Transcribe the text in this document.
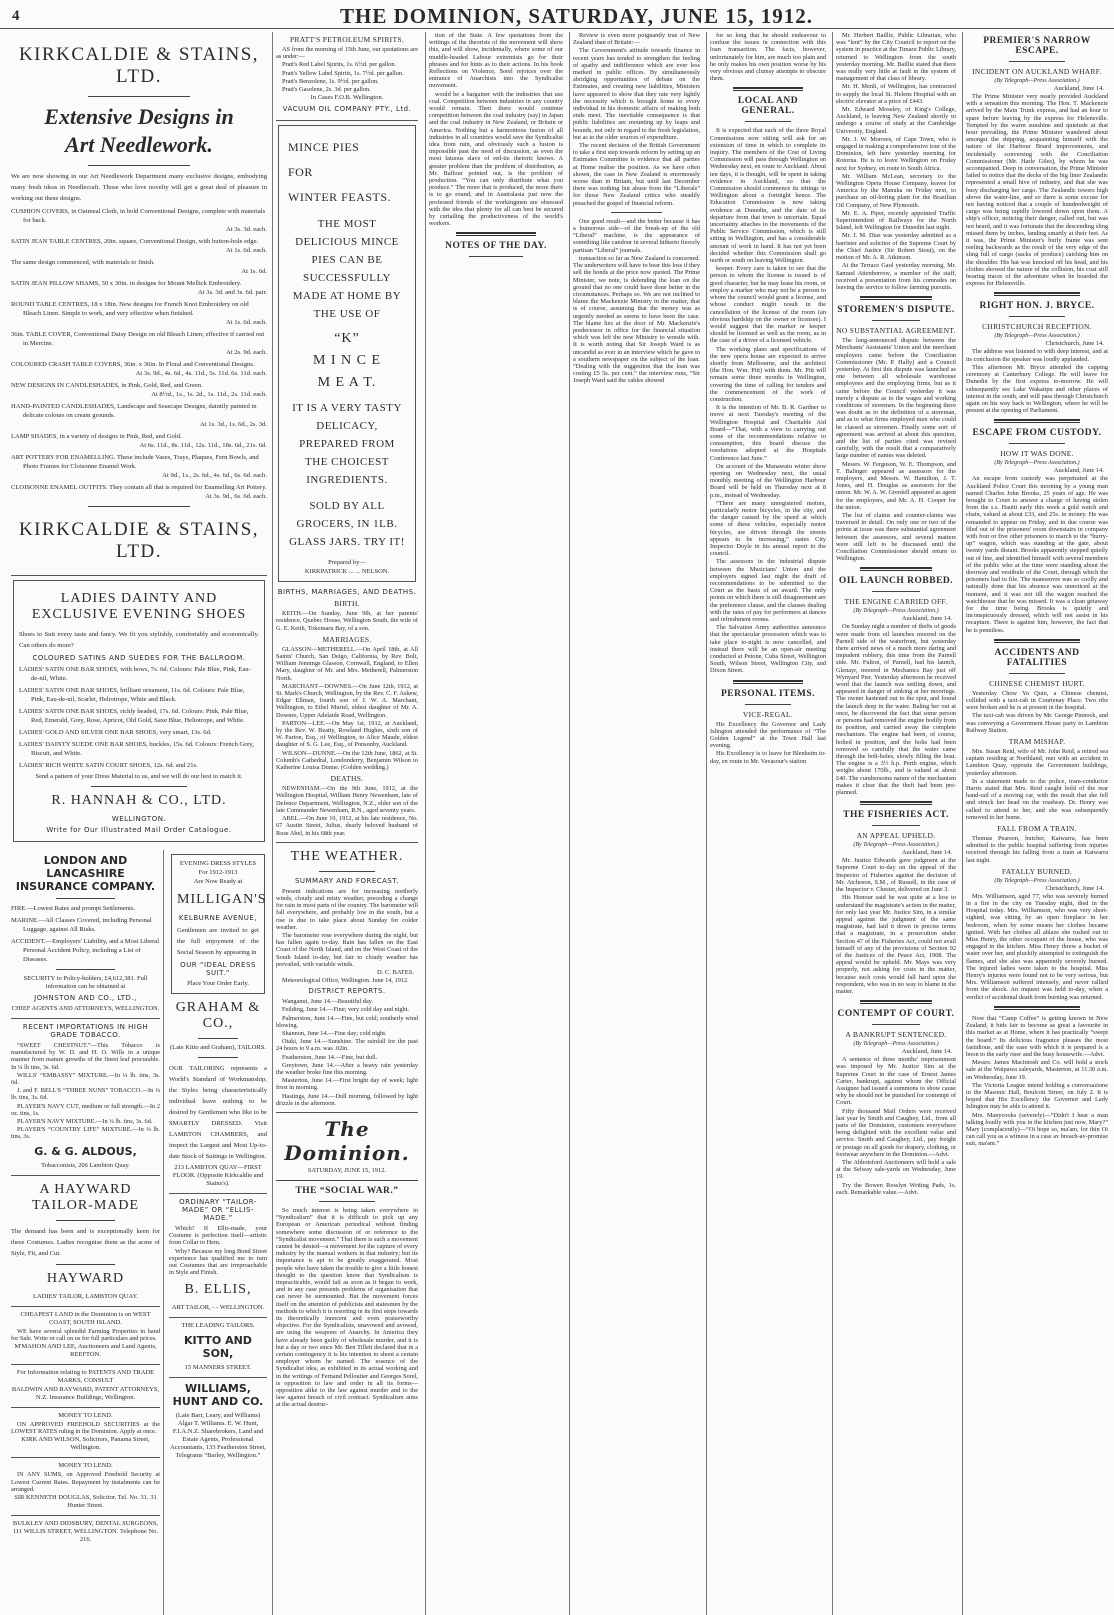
4	THE DOMINION, SATURDAY, JUNE 15, 1912.
KIRKCALDIE & STAINS, LTD.
Extensive Designs in Art Needlework.
We are now showing in our Art Needlework Department many exclusive designs, embodying many fresh ideas in Needlecraft. Those who love novelty will get a great deal of pleasure in working out these designs.
CUSHION COVERS, in Oatmeal Cloth, in bold Conventional Designs, complete with materials for back.
At 3s. 3d. each.
SATIN JEAN TABLE CENTRES, 20in. square, Conventional Design, with button-hole edge.
At 1s. 6d. each.
The same design commenced, with materials to finish.
At 1s. 6d.
SATIN JEAN PILLOW SHAMS, 30 x 30in. in designs for Mount Mellick Embroidery.
At 3s. 3d. and 3s. 6d. pair.
ROUND TABLE CENTRES, 18 x 18in. New designs for French Knot Embroidery on old Bleach Linen. Simple to work, and very effective when finished.
At 1s. 6d. each.
36in. TABLE COVER, Conventional Daisy Design on old Bleach Linen; effective if carried out in Mercine.
At 2s. 9d. each.
COLOURED CRASH TABLE COVERS, 36in. x 36in. In Floral and Conventional Designs.
At 3s. 9d., 4s. 6d., 4s. 11d., 5s. 11d. 6s. 11d. each.
NEW DESIGNS IN CANDLESHADES, in Pink, Gold, Red, and Green.
At 8½d., 1s., 1s. 2d., 1s. 11d., 2s. 11d. each.
HAND-PAINTED CANDLESHADES, Landscape and Seascape Designs, daintily painted in delicate colours on cream grounds.
At 1s. 3d., 1s. 6d., 2s. 3d.
LAMP SHADES, in a variety of designs in Pink, Red, and Gold.
At 6s. 11d., 8s. 11d., 12s. 11d., 18s. 6d., 21s. 6d.
ART POTTERY FOR ENAMELLING. These include Vases, Trays, Plaques, Fern Bowls, and Photo Frames for Cloisonne Enamel Work.
At 9d., 1s., 2s. 6d., 4s. 6d., 6s. 6d. each.
CLOISONNE ENAMEL OUTFITS. They contain all that is required for Enamelling Art Pottery.
At 3s. 9d., 6s. 6d. each.
KIRKCALDIE & STAINS, LTD.
LADIES DAINTY AND EXCLUSIVE EVENING SHOES
Shoes to Suit every taste and fancy. We fit you stylishly, comfortably and economically. Can others do more?
COLOURED SATINS AND SUEDES FOR THE BALLROOM.
LADIES' SATIN ONE BAR SHOES, with bows, 7s. 6d. Colours: Pale Blue, Pink, Eau-de-nil, White.
LADIES' SATIN ONE BAR SHOES, brilliant ornament, 11s. 6d. Colours: Pale Blue, Pink, Eau-de-nil, Scarlet, Heliotrope, White and Black.
LADIES' SATIN ONE BAR SHOES, richly beaded, 17s. 6d. Colours: Pink, Pale Blue, Red, Emerald, Grey, Rose, Apricot, Old Gold, Saxe Blue, Heliotrope, and White.
LADIES' GOLD AND SILVER ONE BAR SHOES, very smart, 13s. 6d.
LADIES' DAINTY SUEDE ONE BAR SHOES, buckles, 15s. 6d. Colours: French Grey, Biscuit, and White.
LADIES' RICH WHITE SATIN COURT SHOES, 12s. 6d. and 21s.
Send a pattern of your Dress Material to us, and we will do our best to match it.
R. HANNAH & CO., LTD.
WELLINGTON.
Write for Our Illustrated Mail Order Catalogue.
LONDON AND LANCASHIRE INSURANCE COMPANY.
FIRE.—Lowest Rates and prompt Settlements.
MARINE.—All Classes Covered, including Personal Luggage, against All Risks.
ACCIDENT.—Employers' Liability, and a Most Liberal Personal Accident Policy, including a List of Diseases.
SECURITY to Policy-holders, £4,612,381. Full information can be obtained at
JOHNSTON AND CO., LTD.,
CHIEF AGENTS AND ATTORNEYS, WELLINGTON.
RECENT IMPORTATIONS IN HIGH GRADE TOBACCO.
“SWEET CHESTNUT.”—This Tobacco is manufactured by W. D. and H. O. Wills in a unique manner from mature growths of the finest leaf procurable. In ¼ lb tins, 3s. 6d.
WILLS' “EMBASSY” MIXTURE.—In ¼ lb. tins, 3s. 6d.
J. and F. BELL'S “THREE NUNS” TOBACCO.—In ¼ lb. tins, 3s. 6d.
PLAYER'S NAVY CUT, medium or full strength.—In 2 oz. tins, 1s.
PLAYER'S NAVY MIXTURE.—In ¼ lb. tins, 3s. 6d.
PLAYER'S “COUNTRY LIFE” MIXTURE.—In ¼ lb. tins, 3s.
G. & G. ALDOUS,
Tobacconists, 206 Lambton Quay.
A HAYWARD TAILOR-MADE
The demand has been and is exceptionally keen for these Costumes. Ladies recognise them as the acme of Style, Fit, and Cut.
HAYWARD
LADIES' TAILOR, LAMBTON QUAY.
CHEAPEST LAND in the Dominion is on WEST COAST, SOUTH ISLAND.
WE have several splendid Farming Properties in hand for Sale. Write or call on us for full particulars and prices.
M'MAHON AND LEE, Auctioneers and Land Agents, REEFTON.
For Information relating to PATENTS AND TRADE MARKS, CONSULT
BALDWIN AND RAYWARD, PATENT ATTORNEYS, N.Z. Insurance Buildings, Wellington.
MONEY TO LEND.
ON APPROVED FREEHOLD SECURITIES at the LOWEST RATES ruling in the Dominion. Apply at once.
KIRK AND WILSON, Solicitors, Panama Street, Wellington.
MONEY TO LEND.
IN ANY SUMS, on Approved Freehold Security at Lowest Current Rates. Repayment by instalments can be arranged.
SIR KENNETH DOUGLAS, Solicitor. Tel. No. 31. 31 Hunter Street.
BULKLEY AND DIDSBURY, DENTAL SURGEONS, 111 WILLIS STREET, WELLINGTON. Telephone No. 216.
EVENING DRESS STYLES
For 1912-1913
Are Now Ready at
MILLIGAN'S
KELBURNE AVENUE,
Gentlemen are invited to get the full enjoyment of the Social Season by appearing in
OUR “IDEAL DRESS SUIT.”
Place Your Order Early.
GRAHAM & CO.,
(Late Kitto and Graham), TAILORS.
OUR TAILORING represents a World's Standard of Workmanship, the Styles being characteristically individual leave nothing to be desired by Gentlemen who like to be SMARTLY DRESSED. Visit LAMBTON CHAMBERS, and inspect the Largest and Most Up-to-date Stock of Suitings in Wellington.
213 LAMBTON QUAY—FIRST FLOOR. (Opposite Kirkcaldie and Stains's).
ORDINARY “TAILOR-MADE” OR “ELLIS-MADE.”
Which? If Ellis-made, your Costume is perfection itself—artistic from Collar to Hem.
Why? Because my long Bond Street experience has qualified me to turn out Costumes that are irreproachable in Style and Finish.
B. ELLIS,
ART TAILOR, - - WELLINGTON.
THE LEADING TAILORS.
KITTO AND SON,
15 MANNERS STREET.
WILLIAMS, HUNT AND CO.
(Late Barr, Leary, and Williams) Algar T. Williams. E. W. Hunt, F.I.A.N.Z. Sharebrokers, Land and Estate Agents, Professional Accountants, 133 Featherston Street, Telegrams “Barley, Wellington.”
PRATT'S PETROLEUM SPIRITS.
AS from the morning of 15th June, our quotations are as under:—
Pratt's Red Label Spirits, 1s. 6½d. per gallon.
Pratt's Yellow Label Spirits, 1s. 7½d. per gallon.
Pratt's Benzolene, 1s. 9½d. per gallon.
Pratt's Gasolene, 2s. 3d. per gallon.
In Cases F.O.B. Wellington.
VACUUM OIL COMPANY PTY., Ltd.
MINCE PIES
FOR
WINTER FEASTS.
THE MOST DELICIOUS MINCE PIES CAN BE SUCCESSFULLY MADE AT HOME BY THE USE OF
“K”
M I N C E
M E A T.
IT IS A VERY TASTY DELICACY, PREPARED FROM THE CHOICEST INGREDIENTS.
SOLD BY ALL GROCERS, IN 1LB. GLASS JARS. TRY IT!
Prepared by—
KIRKPATRICK ... ... NELSON.
BIRTHS, MARRIAGES, AND DEATHS.
BIRTH.
KEITH.—On Sunday, June 9th, at her parents' residence, Quebec House, Wellington South, the wife of G. E. Keith, Tokomaru Bay, of a son.
MARRIAGES.
GLASSON—METHERELL.—On April 18th, at All Saints' Church, San Deigo, California, by Rev. Bolt, William Jennings Glasson, Cornwall, England, to Ellen Mary, daughter of Mr. and Mrs. Metherell, Palmerston North.
MARCHANT—DOWNES.—On June 12th, 1912, at St. Mark's Church, Wellington, by the Rev. C. F. Askew, Edgar Ellman, fourth son of J. W. A. Marchant, Wellington, to Ethel Muriel, eldest daughter of Mr. A. Downes, Upper Adelaide Road, Wellington.
PARTON—LEE.—On May 1st, 1912, at Auckland, by the Rev. W. Beatty, Rowland Hughes, sixth son of W. Parton, Esq., of Wellington, to Alice Maude, eldest daughter of S. G. Lee, Esq., of Ponsonby, Auckland.
WILSON—DUNNE.—On the 12th June, 1862, at St. Columb's Cathedral, Londonderry, Benjamin Wilson to Katherine Louisa Dunne. (Golden wedding.)
DEATHS.
NEWENHAM.—On the 9th June, 1912, at the Wellington Hospital, William Henry Newenham, late of Defence Department, Wellington, N.Z., elder son of the late Commander Newenham, R.N., aged seventy years.
ABEL.—On June 10, 1912, at his late residence, No. 67 Austin Street, Julius, dearly beloved husband of Rose Abel, in his 68th year.
THE WEATHER.
SUMMARY AND FORECAST.
Present indications are for increasing northerly winds, cloudy and misty weather, preceding a change for rain in most parts of the country. The barometer will fall everywhere, and probably low in the south, but a rise is due to take place about Sunday for colder weather.
The barometer rose everywhere during the night, but has fallen again to-day. Rain has fallen on the East Coast of the North Island, and on the West Coast of the South Island to-day, but fair to cloudy weather has prevailed, with variable winds.
D. C. BATES.
Meteorological Office, Wellington. June 14, 1912.
DISTRICT REPORTS.
Wanganui, June 14.—Beautiful day.
Feilding, June 14.—Fine; very cold day and night.
Palmerston, June 14.—Fine, but cold; southerly wind blowing.
Shannon, June 14.—Fine day; cold night.
Otaki, June 14.—Sunshine. The rainfall for the past 24 hours to 9 a.m. was .02in.
Featherston, June 14.—Fine, but dull.
Greytown, June 14.—After a heavy rain yesterday the weather broke fine this morning.
Masterton, June 14.—First bright day of week; light frost in morning.
Hastings, June 14.—Dull morning, followed by light drizzle in the afternoon.
The Dominion.
SATURDAY, JUNE 15, 1912.
THE “SOCIAL WAR.”
So much interest is being taken everywhere in “Syndicalism” that it is difficult to pick up any European or American periodical without finding somewhere some discussion of or reference to the “Syndicalist movement.” That there is such a movement cannot be denied—a movement for the capture of every industry by the manual workers in that industry; but its importance is apt to be greatly exaggerated. Most people who have taken the trouble to give a little honest thought to the question know that Syndicalism is impracticable, would fail as soon as it began to work, and in any case presents problems of organisation that can never be surmounted. But the movement forces itself on the attention of publicists and statesmen by the methods to which it is resorting in its first steps towards its theoretically innocent and even praiseworthy objective. For the Syndicalists, unavowed and avowed, are using the weapons of Anarchy. In America they have already been guilty of wholesale murder, and it is but a day or two since Mr. Ben Tillett declared that in a certain contingency it is his intention to shoot a certain employer whom he named. The essence of the Syndicalist idea, as exhibited in its actual working and in the writings of Fernand Pelloutier and Georges Sorel, is opposition to law and order in all its forms—opposition alike to the law against murder and to the law against breach of civil contract. Syndicalism aims at the actual destruc-
tion of the State. A few quotations from the writings of the theorists of the movement will show this, and will show, incidentally, where some of our muddle-headed Labour extremists go for their phrases and for hints as to their actions. In his book Reflections on Violence, Sorel rejoices over the entrance of Anarchists into the Syndicalist movement.
would be a bargainer with the industries that use coal. Competition between industries in any country would remain. Then there would continue competition between the coal industry (say) in Japan and the coal industry in New Zealand, or Britain or America. Nothing but a harmonious fusion of all industries in all countries would save the Syndicalist idea from ruin, and obviously such a fusion is impossible past the need of discussion, as even the most fatuous slave of red-tie rhetoric knows. A greater problem than the problem of distribution, as Mr. Balfour pointed out, is the problem of production. “You can only distribute what you produce.” The more that is produced, the more there is to go round, and in Australasia just now the professed friends of the workingmen are obsessed with the idea that plenty for all can best be secured by curtailing the productiveness of the world's workers.
NOTES OF THE DAY.
Review is even more poignantly true of New Zealand than of Britain:—
The Government's attitude towards finance in recent years has tended to strengthen the feeling of apathy and indifference which are ever less marked in public offices. By simultaneously abridging opportunities of debate on the Estimates, and creating new liabilities, Ministers have appeared to show that they rate very lightly the necessity which is brought home to every individual in his domestic affairs of making both ends meet. The inevitable consequence is that public liabilities are mounting up by leaps and bounds, not only in regard to the fresh legislation, but as to the older sources of expenditure.
The recent decision of the British Government to take a first step towards reform by setting up an Estimates Committee is evidence that all parties at Home realise the position. As we have often shown, the case in New Zealand is enormously worse than in Britain, but until last December there was nothing but abuse from the “Liberals” for those New Zealand critics who steadily preached the gospel of financial reform.
One good result—and the better because it has a humorous side—of the break-up of the old “Liberal” machine, is the appearance of something like candour in several hitherto fiercely partisan “Liberal” journals.
transaction so far as New Zealand is concerned. The underwriters will have to bear this loss if they sell the bonds at the price now quoted. The Prime Minister, we note, is defending the loan on the ground that no one could have done better in the circumstances. Perhaps so. We are not inclined to blame the Mackenzie Ministry in the matter, that is of course, assuming that the money was as urgently needed as seems to have been the case. The blame lies at the door of Mr. Mackenzie's predecessor in office for the financial situation which was left the new Ministry to wrestle with. It is worth noting that Sir Joseph Ward is as uncandid as ever in an interview which he gave to a southern newspaper on the subject of the loan. “Dealing with the suggestion that the loan was costing £5 5s. per cent.” the interview runs, “Sir Joseph Ward said the cables showed
for so long that he should endeavour to confuse the issues in connection with this loan transaction. The facts, however, unfortunately for him, are much too plain and he only makes his own position worse by his very obvious and clumsy attempts to obscure them.
LOCAL AND GENERAL.
It is expected that each of the three Royal Commissions now sitting will ask for an extension of time in which to complete its inquiry. The members of the Cost of Living Commission will pass through Wellington on Wednesday next, en route to Auckland. About ten days, it is thought, will be spent in taking evidence in Auckland, so that the Commission should commence its sittings in Wellington about a fortnight hence. The Education Commission is now taking evidence at Dunedin, and the date of its departure from that town is uncertain. Equal uncertainty attaches to the movements of the Public Service Commission, which is still sitting in Wellington, and has a considerable amount of work in hand. It has not yet been decided whether this Commission shall go north or south on leaving Wellington.
keeper. Every care is taken to see that the person to whom the license is issued is of good character, but he may lease his room, or employ a marker who may not be a person to whom the council would grant a license, and whose conduct might result in the cancellation of the license of the room (an obvious hardship on the owner or licensee). I would suggest that the marker or keeper should be licensed as well as the room, as in the case of a driver of a licensed vehicle.
The working plans and specifications of the new opera house are expected to arrive shortly from Melbourne, and the architect (the Hon. Wm. Pitt) with them. Mr. Pitt will remain some three months in Wellington, covering the time of calling for tenders and the commencement of the work of construction.
It is the intention of Mr. B. R. Gardner to move at next Tuesday's meeting of the Wellington Hospital and Charitable Aid Board—“That, with a view to carrying out some of the recommendations relative to consumption, this board discuss the resolutions adopted at the Hospitals Conference last June.”
On account of the Manawatu winter show opening on Wednesday next, the usual monthly meeting of the Wellington Harbour Board will be held on Thursday next at 8 p.m., instead of Wednesday.
“There are many unregistered motors, particularly motor bicycles, in the city, and the danger caused by the speed at which some of these vehicles, especially motor bicycles, are driven through the streets appears to be increasing,” states City Inspector Doyle in his annual report to the council.
The assessors in the industrial dispute between the Musicians' Union and the employers signed last night the draft of recommendations to be submitted to the Court as the basis of an award. The only points on which there is still disagreement are the preference clause, and the clauses dealing with the rates of pay for performers at dances and refreshment rooms.
The Salvation Army authorities announce that the spectacular procession which was to take place to-night is now cancelled, and instead there will be an open-air meeting conducted at Petone, Cuba Street, Wellington South, Wilson Street, Wellington City, and Dixon Street.
PERSONAL ITEMS.
VICE-REGAL.
His Excellency the Governor and Lady Islington attended the performance of “The Golden Legend” at the Town Hall last evening.
His Excellency is to leave for Blenheim to-day, en route to Mr. Vavasour's station
Mr. Herbert Baillie, Public Librarian, who was “lent” by the City Council to report on the system in practice at the Timaru Public Library, returned to Wellington from the south yesterday morning. Mr. Baillie stated that there was really very little at fault in the system of management of that class of library.
Mr. H. Menli, of Wellington, has contracted to supply the local St. Helens Hospital with an electric elevator at a price of £443.
Mr. Edward Moseley, of King's College, Auckland, is leaving New Zealand shortly to undergo a course of study at the Cambridge University, England.
Mr. J. W. Morrees, of Cape Town, who is engaged in making a comprehensive tour of the Dominion, left here yesterday morning for Rotorua. He is to leave Wellington on Friday next for Sydney, en route to South Africa.
Mr. William McLean, secretary to the Wellington Opera House Company, leaves for America by the Manuka on Friday next, to purchase an oil-boring plant for the Brazilian Oil Company, of New Plymouth.
Mr. E. A. Piper, recently appointed Traffic Superintendent of Railways for the North Island, left Wellington for Dunedin last night.
Mr. J. M. Dias was yesterday admitted as a barrister and solicitor of the Supreme Court by the Chief Justice (Sir Robert Stout), on the motion of Mr. A. R. Atkinson.
At the Terrace Gaol yesterday morning, Mr. Samuel Attenborrow, a member of the staff, received a presentation from his comrades on leaving the service to follow farming pursuits.
STOREMEN'S DISPUTE.
NO SUBSTANTIAL AGREEMENT.
The long-announced dispute between the Merchants' Assistants' Union and the merchant employers came before the Conciliation Commissioner (Mr. P. Hally) and a Council yesterday. At first this dispute was launched as one between all wholesale warehouse employees and the employing firms, but as it came before the Council yesterday it was merely a dispute as to the wages and working conditions of storemen. In the beginning there was doubt as to the definition of a storeman, and as to what firms employed men who could be classed as storemen. Finally some sort of agreement was arrived at about this question, and the list of parties cited was revised carefully, with the result that a comparatively large number of names was deleted.
Messrs. W. Ferguson, W. E. Thompson, and T. Balinger appeared as assessors for the employers, and Messrs. W. Hamilton, J. T. Jones, and H. Douglas as assessors for the union. Mr. W. A. W. Grenfell appeared as agent for the employers, and Mr. A. H. Cooper for the union.
The list of claims and counter-claims was traversed in detail. On only one or two of the points at issue was there substantial agreement between the assessors, and several matters were still left to be discussed until the Conciliation Commissioner should return to Wellington.
OIL LAUNCH ROBBED.
THE ENGINE CARRIED OFF.
(By Telegraph—Press Association.)
Auckland, June 14.
On Sunday night a number of thefts of goods were made from oil launches moored on the Parnell side of the waterfront, but yesterday there arrived news of a much more daring and impudent robbery, this time from the Parnell side. Mr. Fulton, of Parnell, had his launch, Glenayr, moored in Mechanics Bay just off Wynyard Pier. Yesterday afternoon he received word that the launch was settling down, and appeared in danger of sinking at her moorings. The owner hastened out to the spot, and found the launch deep in the water. Baling her out at once, he discovered the fact that some person or persons had removed the engine bodily from its position, and carried away the complete mechanism. The engine had been, of course, bolted in position, and the bolts had been removed so carefully that the water came through the bolt-holes, slowly filling the boat. The engine is a 3½ h.p. Perth engine, which weighs about 170lb., and is valued at about £40. The cumbersome nature of the mechanism makes it clear that the theft had been pre-planned.
THE FISHERIES ACT.
AN APPEAL UPHELD.
(By Telegraph—Press Association.)
Auckland, June 14.
Mr. Justice Edwards gave judgment at the Supreme Court to-day on the appeal of the Inspector of Fisheries against the decision of Mr. Atcheson, S.M., of Russell, in the case of the Inspector v. Chester, delivered on June 3.
His Honour said he was quite at a loss to understand the magistrate's action in the matter, for only last year Mr. Justice Sim, in a similar appeal against the judgment of the same magistrate, had laid it down in precise terms that a magistrate, in a prosecution under Section 47 of the Fisheries Act, could not avail himself of any of the provisions of Section 92 of the Justices of the Peace Act, 1908. The appeal would be upheld. Mr. Mays was very properly, not asking for costs in the matter, because such costs would fall hard upon the respondent, who was in no way to blame in the matter.
CONTEMPT OF COURT.
A BANKRUPT SENTENCED.
(By Telegraph—Press Association.)
Auckland, June 14.
A sentence of three months' imprisonment was imposed by Mr. Justice Sim at the Supreme Court in the case of Ernest James Carter, bankrupt, against whom the Official Assignee had issued a summons to show cause why he should not be punished for contempt of Court.
Fifty thousand Mail Orders were received last year by Smith and Caughey, Ltd., from all parts of the Dominion, customers everywhere being delighted with the excellent value and service. Smith and Caughey, Ltd., pay freight or postage on all goods for drapery, clothing, or footwear anywhere in the Dominion.—Advt.
The Abbotsford Auctioneers will hold a sale at the Selway sale-yards on Wednesday, June 19.
Try the Bowen Rosslyn Writing Pads, 1s. each. Remarkable value.—Advt.
PREMIER'S NARROW ESCAPE.
INCIDENT ON AUCKLAND WHARF.
(By Telegraph—Press Association.)
Auckland, June 14.
The Prime Minister very nearly provided Auckland with a sensation this morning. The Hon. T. Mackenzie arrived by the Main Trunk express, and had an hour to spare before leaving by the express for Helensville. Tempted by the warm sunshine and quietude at that hour prevailing, the Prime Minister wandered about amongst the shipping, acquainting himself with the nature of the Harbour Board improvements, and incidentally conversing with the Conciliation Commissioner (Mr. Harle Giles), by whom he was accompanied. Deep in conversation, the Prime Minister failed to notice that the decks of the big liner Zealandic represented a small hive of industry, and that she was busy discharging her cargo. The Zealandic towers high above the water-line, and so there is some excuse for not having noticed that a couple of hundredweight of cargo was being rapidly lowered down upon them. A ship's officer, noticing their danger, called out, but was not heard, and it was fortunate that the descending sling missed them by inches, landing smartly at their feet. As it was, the Prime Minister's burly frame was sent reeling backwards as the result of the very edge of the sling full of cargo (sacks of produce) catching him on the shoulder. His hat was knocked off his head, and his clothes showed the nature of the collision, his coat still bearing traces of the adventure when he boarded the express for Helensville.
RIGHT HON. J. BRYCE.
CHRISTCHURCH RECEPTION.
(By Telegraph—Press Association.)
Christchurch, June 14.
The address was listened to with deep interest, and at its conclusion the speaker was loudly applauded.
This afternoon Mr. Bryce attended the capping ceremony at Canterbury College. He will leave for Dunedin by the first express to-morrow. He will subsequently see Lake Wakatipu and other places of interest in the south, and will pass through Christchurch again on his way back to Wellington, where he will be present at the opening of Parliament.
ESCAPE FROM CUSTODY.
HOW IT WAS DONE.
(By Telegraph—Press Association.)
Auckland, June 14.
An escape from custody was perpetrated at the Auckland Police Court this morning by a young man named Charles John Brooks, 25 years of age. He was brought to Court to answer a charge of having stolen from the s.s. Hauiti early this week a gold watch and chain, valued at about £33, and 25s. in money. He was remanded to appear on Friday, and in due course was filed out of the prisoners' room downstairs in company with four or five other prisoners to march to the “hurry-up” wagon, which was standing at the gate, about twenty yards distant. Brooks apparently stepped quietly out of line, and identified himself with several members of the public who at the time were standing about the doorway and vestibule of the Court, through which the prisoners had to file. The manoeuvre was so coolly and naturally done that his absence was unnoticed at the moment, and it was not till the wagon reached the watchhouse that he was missed. It was a clean getaway for the time being. Brooks is quietly and inconspicuously dressed, which will not assist in his recapture. There is against him, however, the fact that he is penniless.
ACCIDENTS AND FATALITIES
CHINESE CHEMIST HURT.
Yesterday Chow Yo Quin, a Chinese chemist, collided with a taxi-cab in Courtenay Place. Two ribs were broken and he is at present in the hospital.
The taxi-cab was driven by Mr. George Pinnock, and was conveying a Government House party to Lambton Railway Station.
TRAM MISHAP.
Mrs. Susan Reid, wife of Mr. John Reid, a retired sea captain residing at Northland, met with an accident in Lambton Quay, opposite the Government buildings, yesterday afternoon.
In a statement made to the police, tram-conductor Harris stated that Mrs. Reid caught hold of the rear hand-rail of a moving car, with the result that she fell and struck her head on the roadway. Dr. Henry was called to attend to her, and she was subsequently removed to her home.
FALL FROM A TRAIN.
Thomas Pearson, butcher, Kaiwarra, has been admitted to the public hospital suffering from injuries received through his falling from a train at Kaiwarra last night.
FATALLY BURNED.
(By Telegraph—Press Association.)
Christchurch, June 14.
Mrs. Williamson, aged 77, who was severely burned in a fire in the city on Tuesday night, died in the Hospital today. Mrs. Williamson, who was very short-sighted, was sitting by an open fireplace in her bedroom, when by some means her clothes became ignited. With her clothes all ablaze she rushed out to Miss Henry, the other occupant of the house, who was engaged in the kitchen. Miss Henry threw a bucket of water over her, and pluckily attempted to extinguish the flames, and she also was apparently severely burned. The injured ladies were taken to the hospital. Miss Henry's injuries were found not to be very serious, but Mrs. Williamson suffered intensely, and never rallied from the shock. An inquest was held to-day, when a verdict of accidental death from burning was returned.
Now that “Camp Coffee” is getting known in New Zealand, it bids fair to become as great a favourite in this market as at Home, where it has practically “swept the board.” Its delicious fragrance pleases the most fastidious, and the ease with which it is prepared is a boon to the early riser and the busy housewife.—Advt.
Messrs. James Macintosh and Co. will hold a stock sale at the Waipawa saleyards, Masterton, at 11.30 a.m. on Wednesday, June 19.
The Victoria League intend holding a conversazione in the Masonic Hall, Boulcott Street, on July 2. It is hoped that His Excellency the Governor and Lady Islington may be able to attend it.
Mrs. Manycooks (severely)—“Didn't I hear a man talking loudly with you in the kitchen just now, Mary?” Mary (complacently)—“Oi hope so, ma'am, for thin Oi can call you as a witness in a case av breach-av-promise suit, ma'am.”
